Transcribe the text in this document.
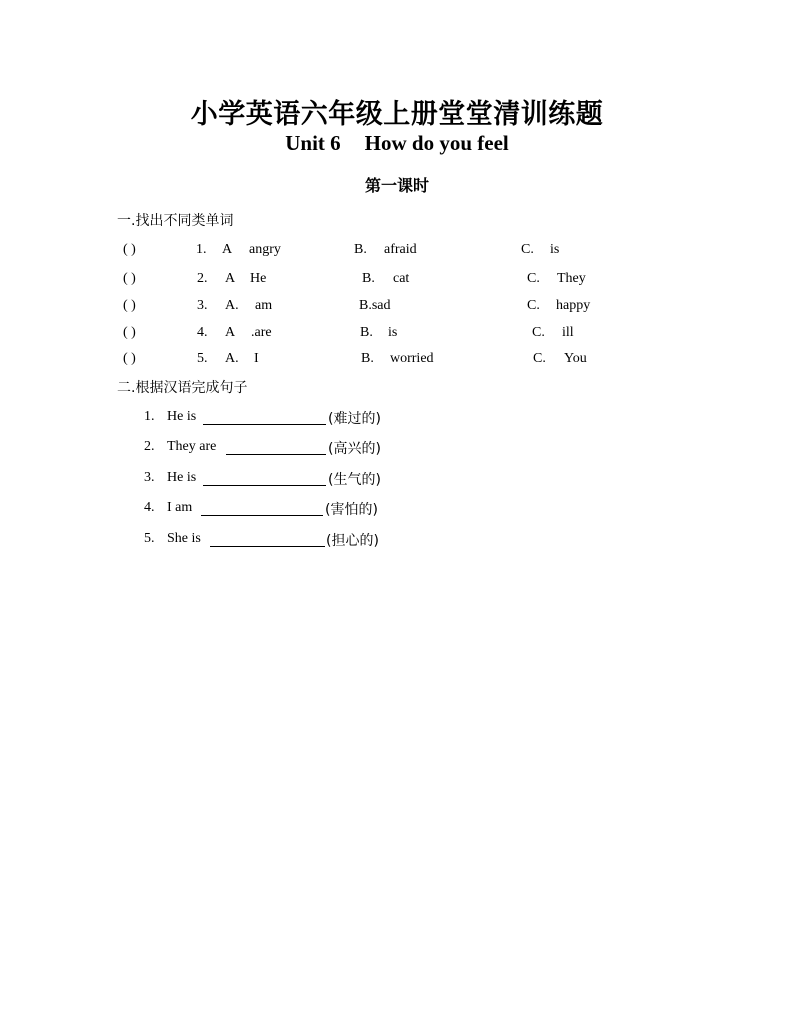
小学英语六年级上册堂堂清训练题
Unit 6 How do you feel
第一课时
一.找出不同类单词
( )	1. A angry	B. afraid	C. is
( )	2. A He	B. cat	C. They
( )	3. A. am	B.sad	C. happy
( )	4. A .are	B. is	C. ill
( )	5. A. I	B. worried	C. You
二.根据汉语完成句子
1. He is	(难过的)
2. They are	(高兴的)
3. He is	(生气的)
4. I am	(害怕的)
5. She is	(担心的)
